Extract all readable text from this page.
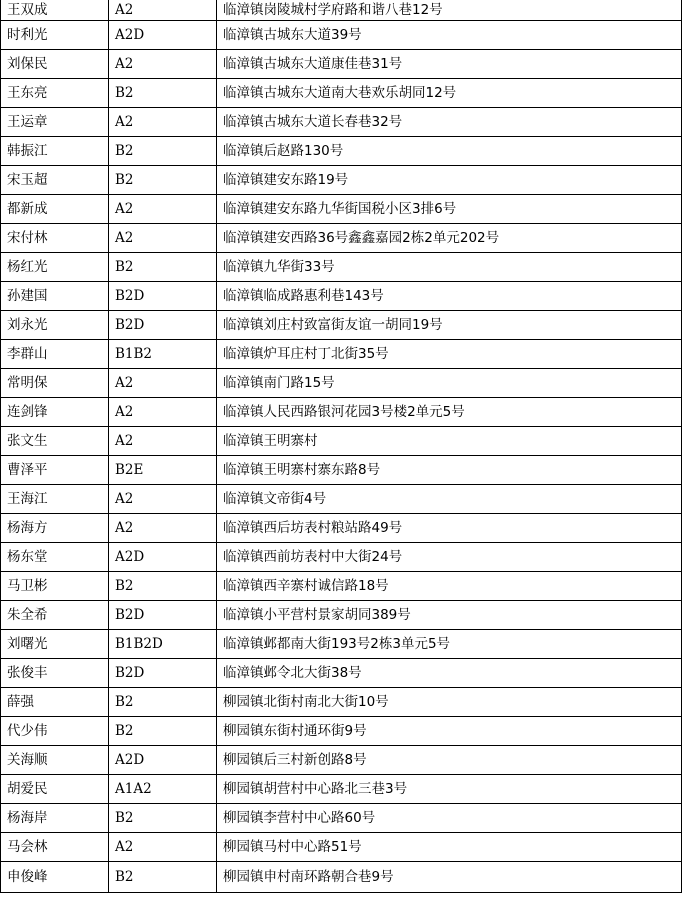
王双成	A2	临漳镇岗陵城村学府路和谐八巷12号
时利光	A2D	临漳镇古城东大道39号
刘保民	A2	临漳镇古城东大道康佳巷31号
王东亮	B2	临漳镇古城东大道南大巷欢乐胡同12号
王运章	A2	临漳镇古城东大道长春巷32号
韩振江	B2	临漳镇后赵路130号
宋玉超	B2	临漳镇建安东路19号
都新成	A2	临漳镇建安东路九华街国税小区3排6号
宋付林	A2	临漳镇建安西路36号鑫鑫嘉园2栋2单元202号
杨红光	B2	临漳镇九华街33号
孙建国	B2D	临漳镇临成路惠利巷143号
刘永光	B2D	临漳镇刘庄村致富街友谊一胡同19号
李群山	B1B2	临漳镇炉耳庄村丁北街35号
常明保	A2	临漳镇南门路15号
连剑锋	A2	临漳镇人民西路银河花园3号楼2单元5号
张文生	A2	临漳镇王明寨村
曹泽平	B2E	临漳镇王明寨村寨东路8号
王海江	A2	临漳镇文帝街4号
杨海方	A2	临漳镇西后坊表村粮站路49号
杨东堂	A2D	临漳镇西前坊表村中大街24号
马卫彬	B2	临漳镇西辛寨村诚信路18号
朱全希	B2D	临漳镇小平营村景家胡同389号
刘曙光	B1B2D	临漳镇邺都南大街193号2栋3单元5号
张俊丰	B2D	临漳镇邺令北大街38号
薛强	B2	柳园镇北街村南北大街10号
代少伟	B2	柳园镇东街村通环街9号
关海顺	A2D	柳园镇后三村新创路8号
胡爱民	A1A2	柳园镇胡营村中心路北三巷3号
杨海岸	B2	柳园镇李营村中心路60号
马会林	A2	柳园镇马村中心路51号
申俊峰	B2	柳园镇申村南环路朝合巷9号
